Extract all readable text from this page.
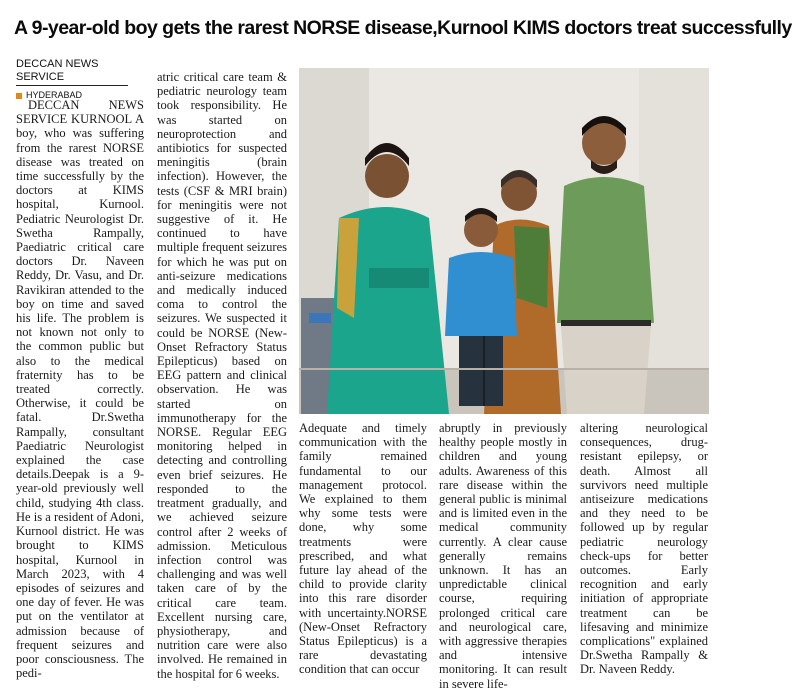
A 9-year-old boy gets the rarest NORSE disease,Kurnool KIMS doctors treat successfully
DECCAN NEWS SERVICE
HYDERABAD

DECCAN NEWS SERVICE KURNOOL A boy, who was suffering from the rarest NORSE disease was treated on time successfully by the doctors at KIMS hospital, Kurnool. Pediatric Neurologist Dr. Swetha Rampally, Paediatric critical care doctors Dr. Naveen Reddy, Dr. Vasu, and Dr. Ravikiran attended to the boy on time and saved his life. The problem is not known not only to the common public but also to the medical fraternity has to be treated correctly. Otherwise, it could be fatal. Dr.Swetha Rampally, consultant Paediatric Neurologist explained the case details.Deepak is a 9-year-old previously well child, studying 4th class. He is a resident of Adoni, Kurnool district. He was brought to KIMS hospital, Kurnool in March 2023, with 4 episodes of seizures and one day of fever. He was put on the ventilator at admission because of frequent seizures and poor consciousness. The pedi-

atric critical care team & pediatric neurology team took responsibility. He was started on neuroprotection and antibiotics for suspected meningitis (brain infection). However, the tests (CSF & MRI brain) for meningitis were not suggestive of it. He continued to have multiple frequent seizures for which he was put on anti-seizure medications and medically induced coma to control the seizures. We suspected it could be NORSE (New-Onset Refractory Status Epilepticus) based on EEG pattern and clinical observation. He was started on immunotherapy for the NORSE. Regular EEG monitoring helped in detecting and controlling even brief seizures. He responded to the treatment gradually, and we achieved seizure control after 2 weeks of admission. Meticulous infection control was challenging and was well taken care of by the critical care team. Excellent nursing care, physiotherapy, and nutrition care were also involved. He remained in the hospital for 6 weeks.

Adequate and timely communication with the family remained fundamental to our management protocol. We explained to them why some tests were done, why some treatments were prescribed, and what future lay ahead of the child to provide clarity into this rare disorder with uncertainty.NORSE (New-Onset Refractory Status Epilepticus) is a rare devastating condition that can occur

abruptly in previously healthy people mostly in children and young adults. Awareness of this rare disease within the general public is minimal and is limited even in the medical community currently. A clear cause generally remains unknown. It has an unpredictable clinical course, requiring prolonged critical care and neurological care, with aggressive therapies and intensive monitoring. It can result in severe life-

altering neurological consequences, drug-resistant epilepsy, or death. Almost all survivors need multiple antiseizure medications and they need to be followed up by regular pediatric neurology check-ups for better outcomes. Early recognition and early initiation of appropriate treatment can be lifesaving and minimize complications" explained Dr.Swetha Rampally & Dr. Naveen Reddy.
